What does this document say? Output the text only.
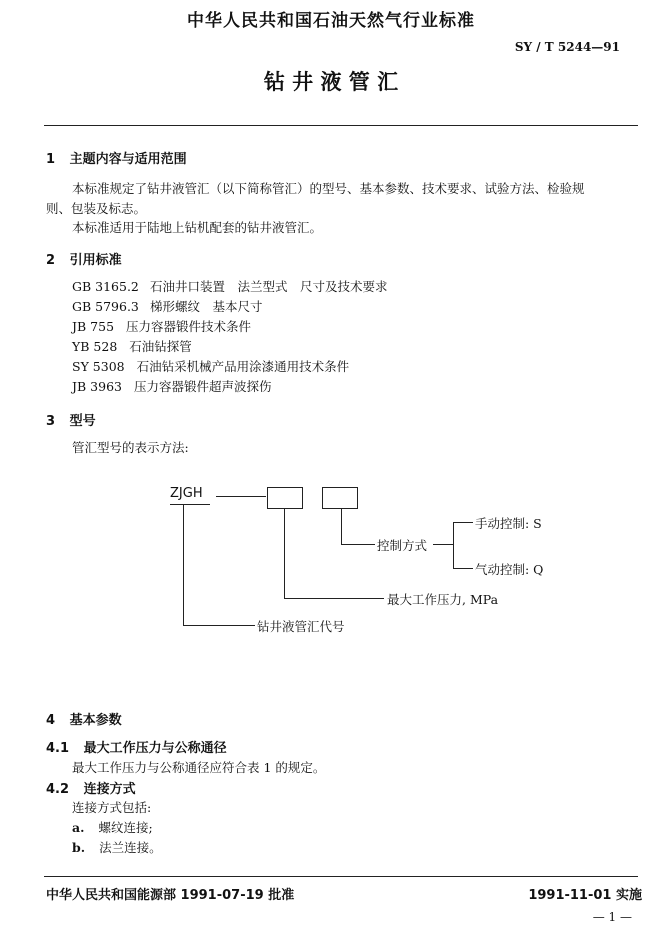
中华人民共和国石油天然气行业标准
SY / T 5244—91
钻 井 液 管 汇
1 主题内容与适用范围
本标准规定了钻井液管汇（以下简称管汇）的型号、基本参数、技术要求、试验方法、检验规
则、包装及标志。
本标准适用于陆地上钻机配套的钻井液管汇。
2 引用标准
GB 3165.2 石油井口装置　法兰型式　尺寸及技术要求
GB 5796.3 梯形螺纹　基本尺寸
JB 755 压力容器锻件技术条件
YB 528 石油钻探管
SY 5308 石油钻采机械产品用涂漆通用技术条件
JB 3963 压力容器锻件超声波探伤
3 型号
管汇型号的表示方法:
ZJGH
控制方式
手动控制: S
气动控制: Q
最大工作压力, MPa
钻井液管汇代号
4 基本参数
4.1 最大工作压力与公称通径
最大工作压力与公称通径应符合表 1 的规定。
4.2 连接方式
连接方式包括:
a. 螺纹连接;
b. 法兰连接。
中华人民共和国能源部 1991-07-19 批准	1991-11-01 实施
— 1 —
